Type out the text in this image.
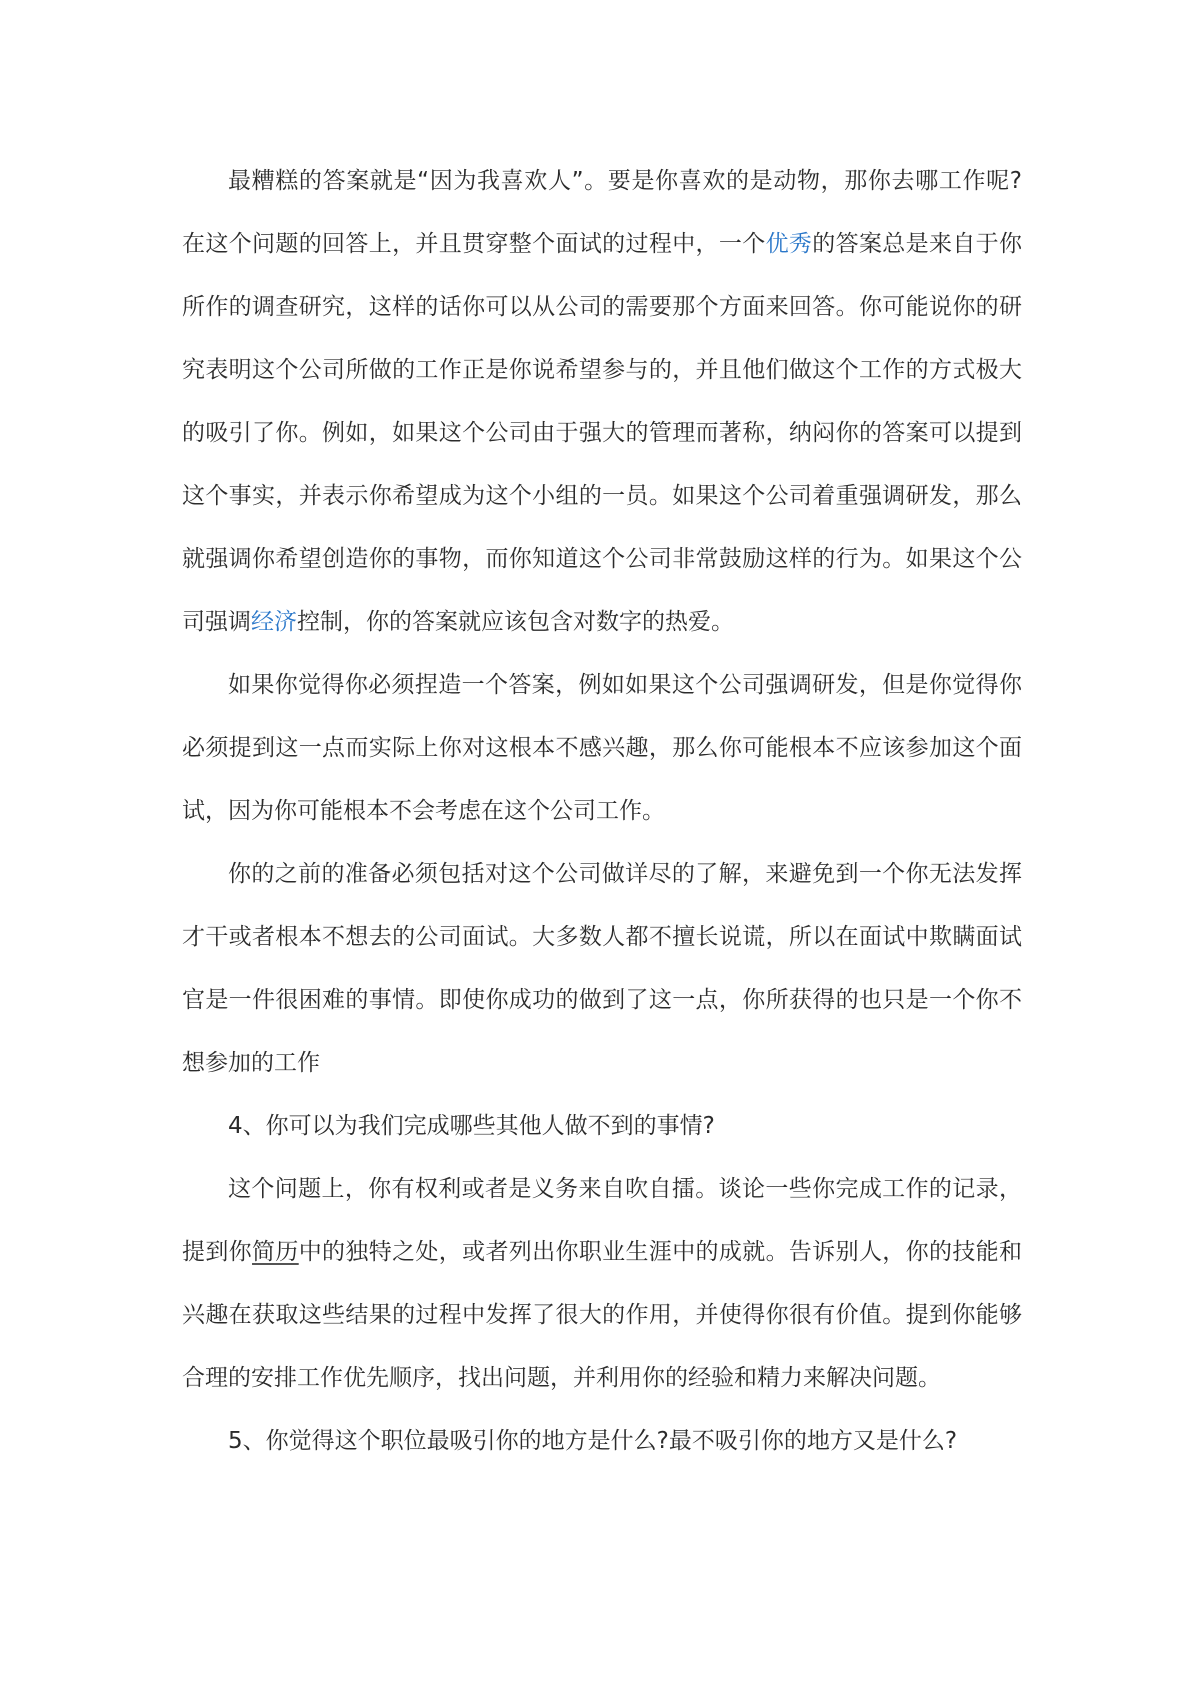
最糟糕的答案就是“因为我喜欢人”。要是你喜欢的是动物，那你去哪工作呢?在这个问题的回答上，并且贯穿整个面试的过程中，一个优秀的答案总是来自于你所作的调查研究，这样的话你可以从公司的需要那个方面来回答。你可能说你的研究表明这个公司所做的工作正是你说希望参与的，并且他们做这个工作的方式极大的吸引了你。例如，如果这个公司由于强大的管理而著称，纳闷你的答案可以提到这个事实，并表示你希望成为这个小组的一员。如果这个公司着重强调研发，那么就强调你希望创造你的事物，而你知道这个公司非常鼓励这样的行为。如果这个公司强调经济控制，你的答案就应该包含对数字的热爱。

如果你觉得你必须捏造一个答案，例如如果这个公司强调研发，但是你觉得你必须提到这一点而实际上你对这根本不感兴趣，那么你可能根本不应该参加这个面试，因为你可能根本不会考虑在这个公司工作。

你的之前的准备必须包括对这个公司做详尽的了解，来避免到一个你无法发挥才干或者根本不想去的公司面试。大多数人都不擅长说谎，所以在面试中欺瞒面试官是一件很困难的事情。即使你成功的做到了这一点，你所获得的也只是一个你不想参加的工作

4、你可以为我们完成哪些其他人做不到的事情?

这个问题上，你有权利或者是义务来自吹自擂。谈论一些你完成工作的记录，提到你简历中的独特之处，或者列出你职业生涯中的成就。告诉别人，你的技能和兴趣在获取这些结果的过程中发挥了很大的作用，并使得你很有价值。提到你能够合理的安排工作优先顺序，找出问题，并利用你的经验和精力来解决问题。

5、你觉得这个职位最吸引你的地方是什么?最不吸引你的地方又是什么?
